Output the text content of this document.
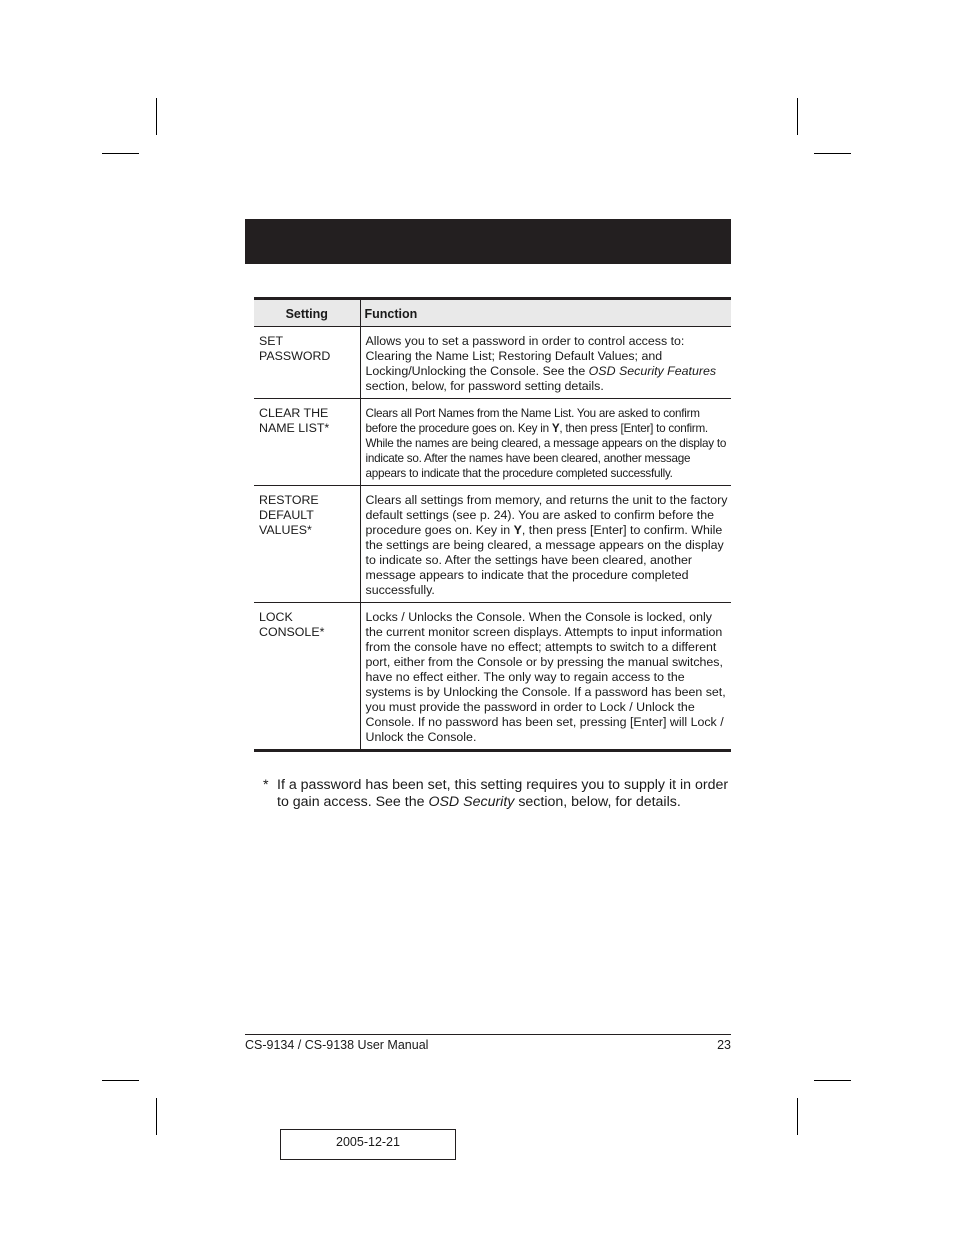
Setting	Function

SET PASSWORD	Allows you to set a password in order to control access to: Clearing the Name List; Restoring Default Values; and Locking/Unlocking the Console. See the OSD Security Features section, below, for password setting details.

CLEAR THE NAME LIST*	Clears all Port Names from the Name List. You are asked to confirm before the procedure goes on. Key in Y, then press [Enter] to confirm. While the names are being cleared, a message appears on the display to indicate so. After the names have been cleared, another message appears to indicate that the procedure completed successfully.

RESTORE DEFAULT VALUES*	Clears all settings from memory, and returns the unit to the factory default settings (see p. 24). You are asked to confirm before the procedure goes on. Key in Y, then press [Enter] to confirm. While the settings are being cleared, a message appears on the display to indicate so. After the settings have been cleared, another message appears to indicate that the procedure completed successfully.

LOCK CONSOLE*	Locks / Unlocks the Console. When the Console is locked, only the current monitor screen displays. Attempts to input information from the console have no effect; attempts to switch to a different port, either from the Console or by pressing the manual switches, have no effect either. The only way to regain access to the systems is by Unlocking the Console. If a password has been set, you must provide the password in order to Lock / Unlock the Console. If no password has been set, pressing [Enter] will Lock / Unlock the Console.
* If a password has been set, this setting requires you to supply it in order to gain access. See the OSD Security section, below, for details.
CS-9134 / CS-9138 User Manual	23
2005-12-21
